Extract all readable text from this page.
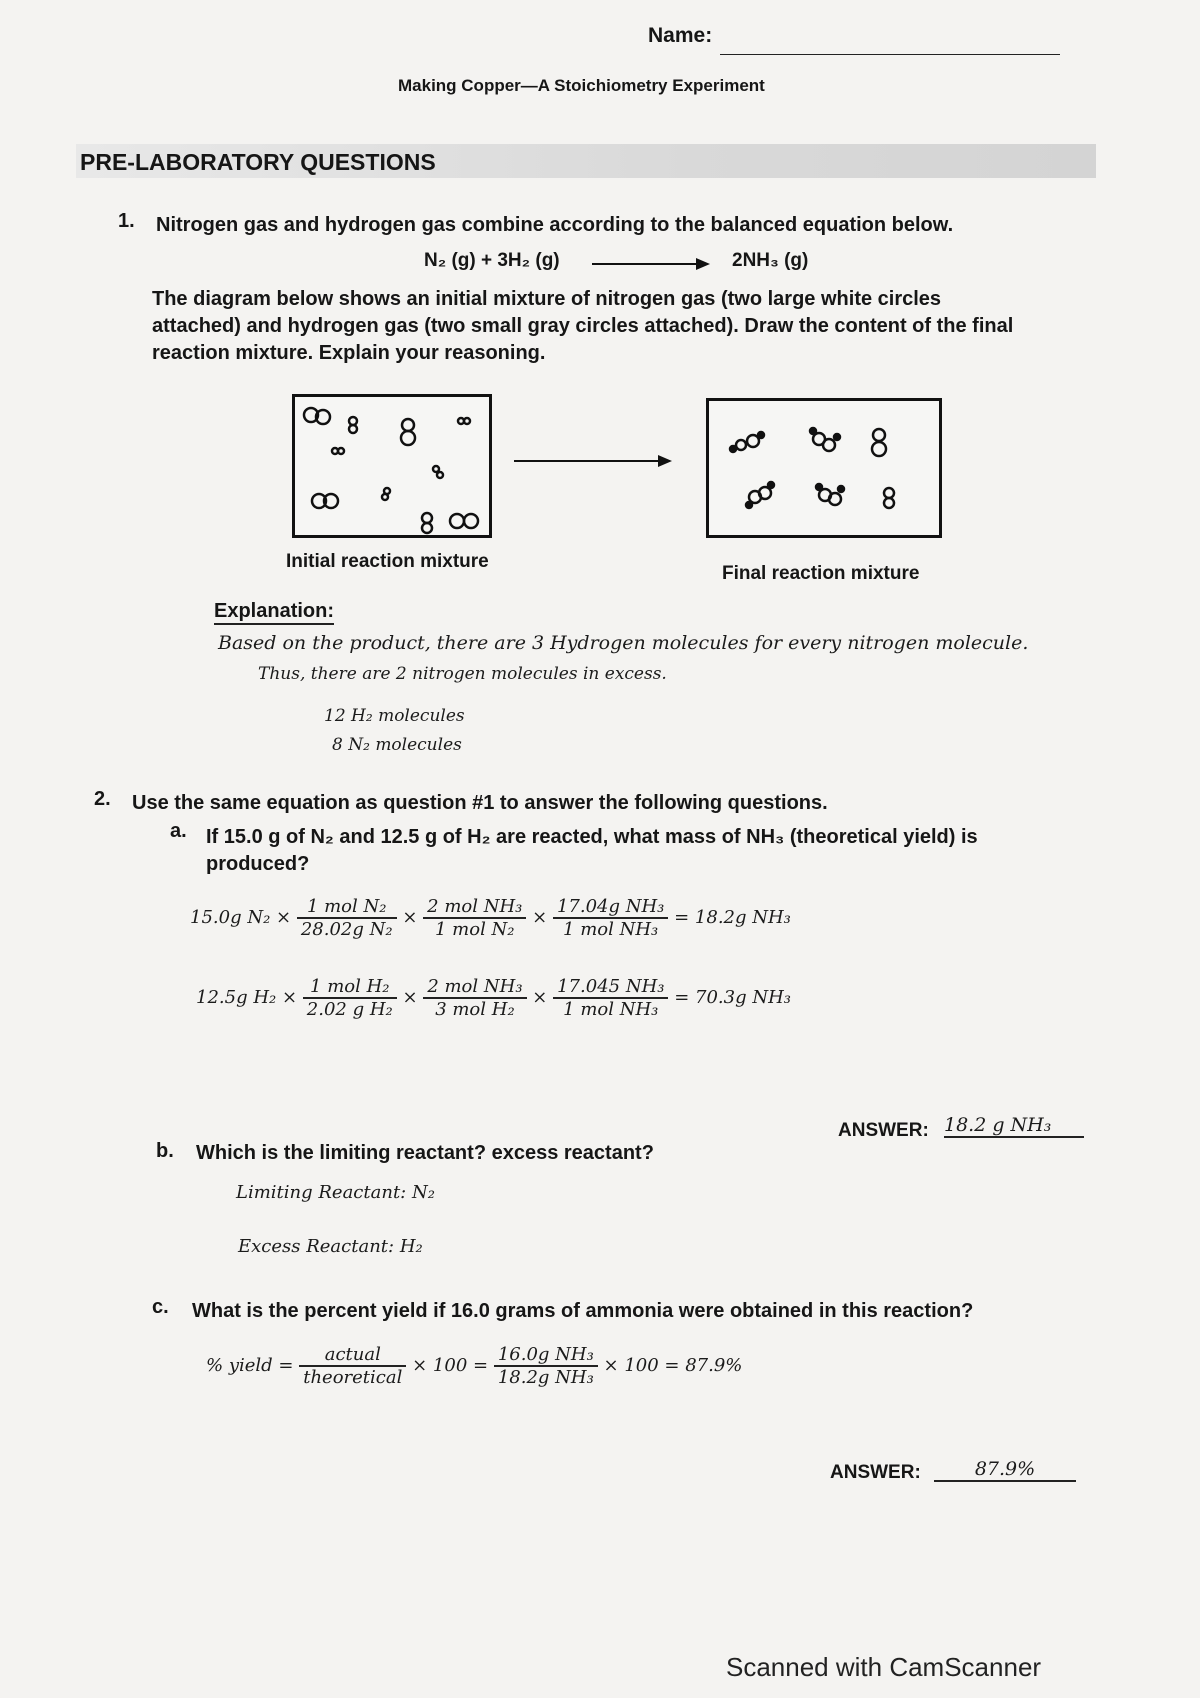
Name:
Making Copper—A Stoichiometry Experiment
PRE-LABORATORY QUESTIONS
1. Nitrogen gas and hydrogen gas combine according to the balanced equation below.
N₂ (g) + 3H₂ (g)	2NH₃ (g)
The diagram below shows an initial mixture of nitrogen gas (two large white circles
attached) and hydrogen gas (two small gray circles attached). Draw the content of the final
reaction mixture. Explain your reasoning.
Initial reaction mixture
Final reaction mixture
Explanation:
Based on the product, there are 3 Hydrogen molecules for every nitrogen molecule.
Thus, there are 2 nitrogen molecules in excess.
12 H₂ molecules
8 N₂ molecules
2. Use the same equation as question #1 to answer the following questions.
a. If 15.0 g of N₂ and 12.5 g of H₂ are reacted, what mass of NH₃ (theoretical yield) is
produced?
15.0g $N_2 \times \frac{\text{1 mol N₂}}{\text{28.02g N₂}} \times \frac{\text{2 mol NH₃}}{\text{1 mol N₂}} \times \frac{\text{17.04g NH₃}}{\text{1 mol NH₃}} = 18.2g$ NH₃
12.5g $H_2 \times \frac{\text{1 mol H₂}}{\text{2.02 g H₂}} \times \frac{\text{2 mol NH₃}}{\text{3 mol H₂}} \times \frac{\text{17.045 NH₃}}{\text{1 mol NH₃}} = 70.3g$ NH₃
ANSWER: 18.2 g NH₃
b. Which is the limiting reactant? excess reactant?
Limiting Reactant: N₂
Excess Reactant: H₂
c. What is the percent yield if 16.0 grams of ammonia were obtained in this reaction?
% yield = $\frac{\text{actual}}{\text{theoretical}} \times 100 = \frac{\text{16.0g NH₃}}{\text{18.2g NH₃}} \times 100 = 87.9\%$
ANSWER:	87.9%
Scanned with CamScanner
